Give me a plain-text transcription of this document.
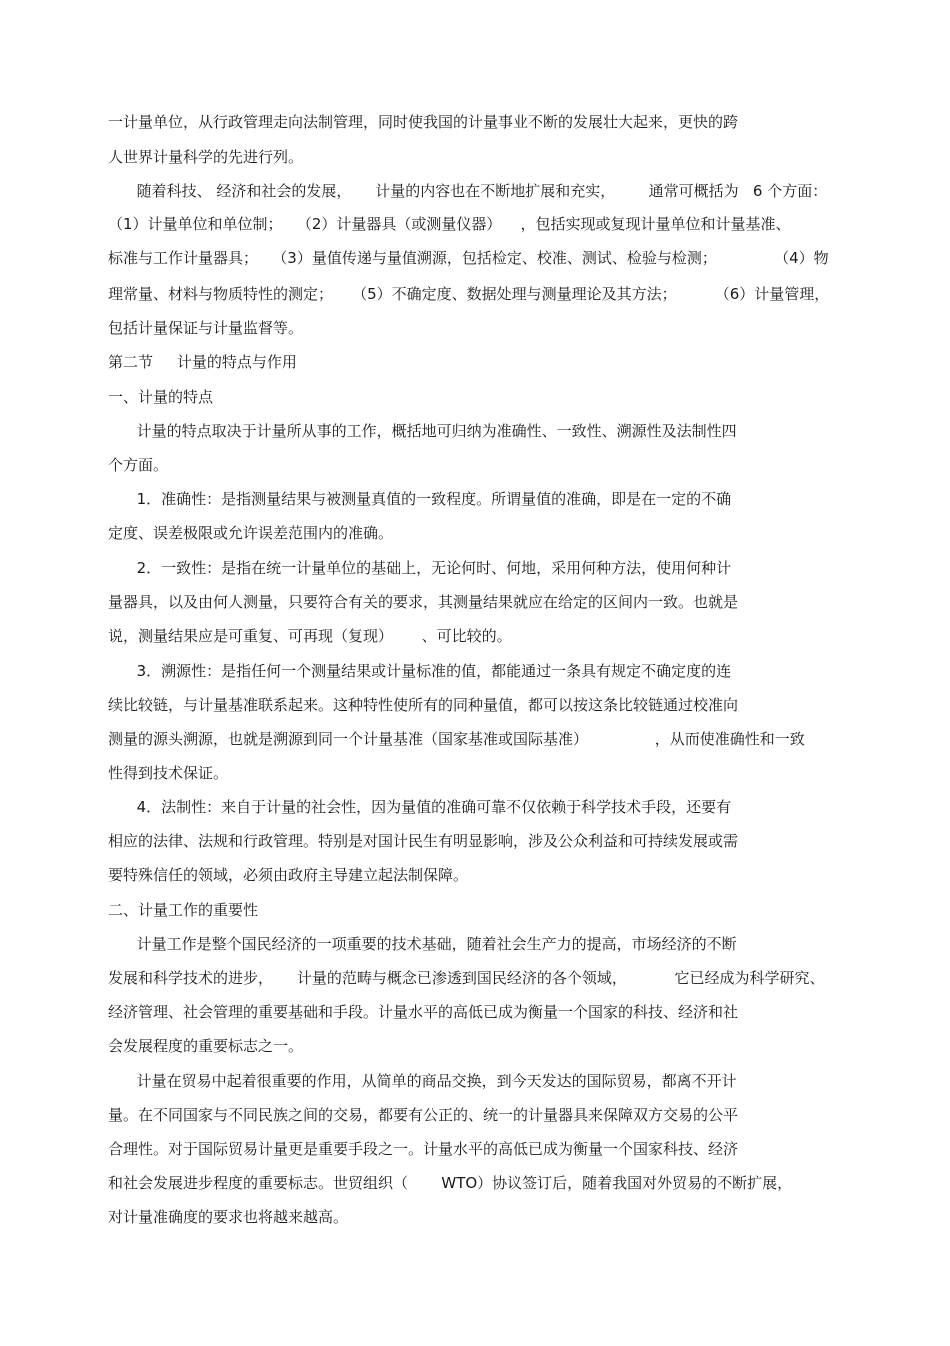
一计量单位，从行政管理走向法制管理，同时使我国的计量事业不断的发展壮大起来，更快的跨
人世界计量科学的先进行列。
随着科技、 经济和社会的发展，     计量的内容也在不断地扩展和充实，       通常可概括为   6 个方面：
（1）计量单位和单位制；   （2）计量器具（或测量仪器）    ，包括实现或复现计量单位和计量基准、
标准与工作计量器具；   （3）量值传递与量值溯源，包括检定、校准、测试、检验与检测；            （4）物
理常量、材料与物质特性的测定；    （5）不确定度、数据处理与测量理论及其方法；        （6）计量管理，
包括计量保证与计量监督等。
第二节     计量的特点与作用
一、计量的特点
计量的特点取决于计量所从事的工作，概括地可归纳为准确性、一致性、溯源性及法制性四
个方面。
1．准确性：是指测量结果与被测量真值的一致程度。所谓量值的准确，即是在一定的不确
定度、误差极限或允许误差范围内的准确。
2．一致性：是指在统一计量单位的基础上，无论何时、何地，采用何种方法，使用何种计
量器具，以及由何人测量，只要符合有关的要求，其测量结果就应在给定的区间内一致。也就是
说，测量结果应是可重复、可再现（复现）      、可比较的。
3．溯源性：是指任何一个测量结果或计量标准的值，都能通过一条具有规定不确定度的连
续比较链，与计量基准联系起来。这种特性使所有的同种量值，都可以按这条比较链通过校准向
测量的源头溯源，也就是溯源到同一个计量基准（国家基准或国际基准）              ，从而使准确性和一致
性得到技术保证。
4．法制性：来自于计量的社会性，因为量值的准确可靠不仅依赖于科学技术手段，还要有
相应的法律、法规和行政管理。特别是对国计民生有明显影响，涉及公众利益和可持续发展或需
要特殊信任的领域，必须由政府主导建立起法制保障。
二、计量工作的重要性
计量工作是整个国民经济的一项重要的技术基础，随着社会生产力的提高，市场经济的不断
发展和科学技术的进步，     计量的范畴与概念已渗透到国民经济的各个领域，          它已经成为科学研究、
经济管理、社会管理的重要基础和手段。计量水平的高低已成为衡量一个国家的科技、经济和社
会发展程度的重要标志之一。
计量在贸易中起着很重要的作用，从简单的商品交换，到今天发达的国际贸易，都离不开计
量。在不同国家与不同民族之间的交易，都要有公正的、统一的计量器具来保障双方交易的公平
合理性。对于国际贸易计量更是重要手段之一。计量水平的高低已成为衡量一个国家科技、经济
和社会发展进步程度的重要标志。世贸组织（       WTO）协议签订后，随着我国对外贸易的不断扩展，
对计量准确度的要求也将越来越高。
